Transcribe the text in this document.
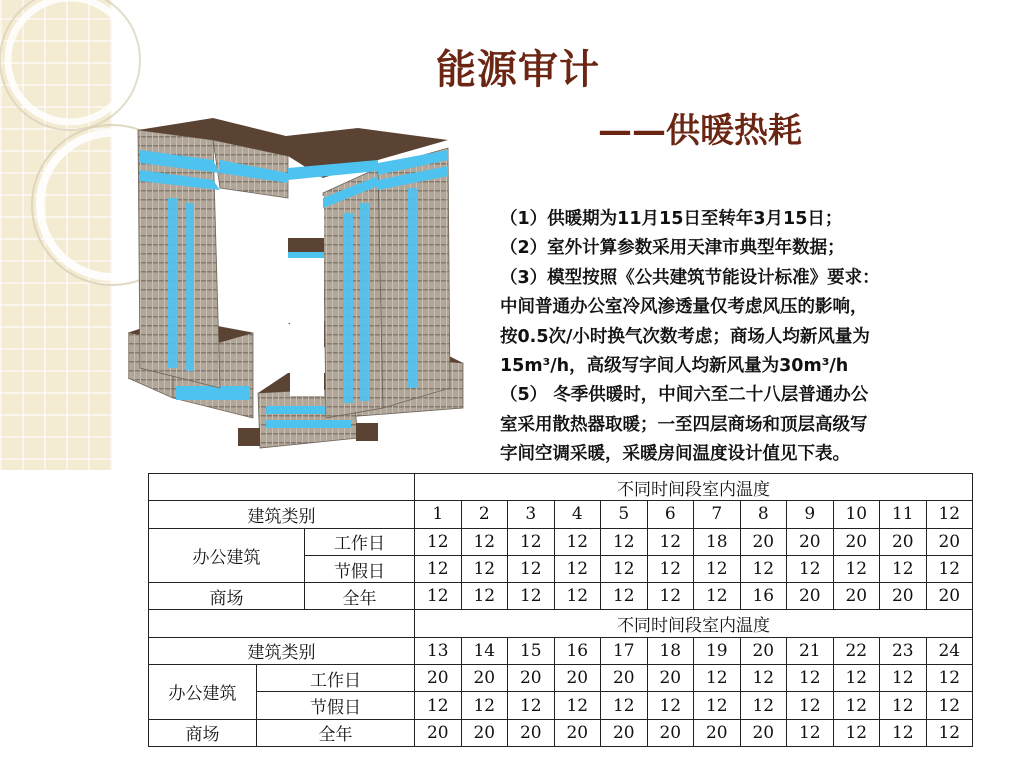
能源审计
——供暖热耗

（1）供暖期为11月15日至转年3月15日；

（2）室外计算参数采用天津市典型年数据；

（3）模型按照《公共建筑节能设计标准》要求：

中间普通办公室冷风渗透量仅考虑风压的影响，

按0.5次/小时换气次数考虑；商场人均新风量为

15m³/h，高级写字间人均新风量为30m³/h

（5） 冬季供暖时，中间六至二十八层普通办公

室采用散热器取暖；一至四层商场和顶层高级写

字间空调采暖，采暖房间温度设计值见下表。

			不同时间段室内温度											
建筑类别			1	2	3	4	5	6	7	8	9	10	11	12
办公建筑		工作日	12	12	12	12	12	12	18	20	20	20	20	20
		节假日	12	12	12	12	12	12	12	12	12	12	12	12
商场		全年	12	12	12	12	12	12	12	16	20	20	20	20
			不同时间段室内温度											
建筑类别			13	14	15	16	17	18	19	20	21	22	23	24
办公建筑	工作日		20	20	20	20	20	20	12	12	12	12	12	12
	节假日		12	12	12	12	12	12	12	12	12	12	12	12
商场	全年		20	20	20	20	20	20	20	20	12	12	12	12
